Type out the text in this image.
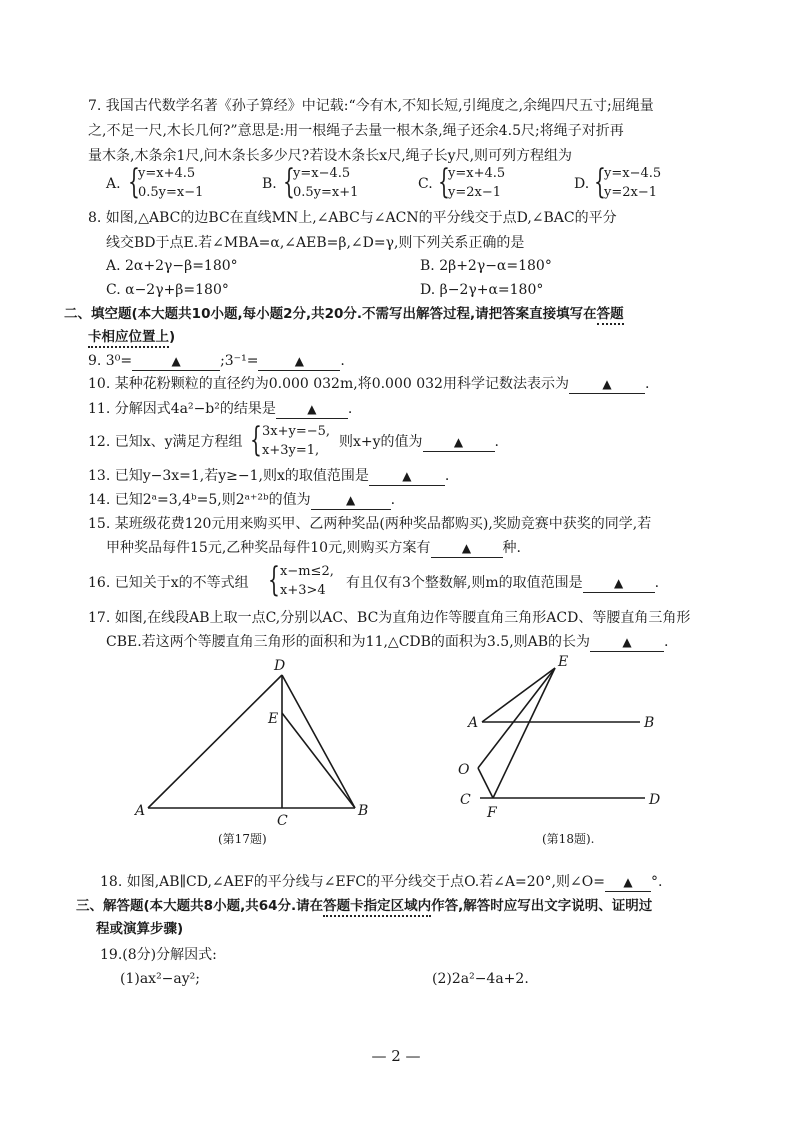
7. 我国古代数学名著《孙子算经》中记载:“今有木,不知长短,引绳度之,余绳四尺五寸;屈绳量
之,不足一尺,木长几何?”意思是:用一根绳子去量一根木条,绳子还余4.5尺;将绳子对折再
量木条,木条余1尺,问木条长多少尺?若设木条长x尺,绳子长y尺,则可列方程组为
A. {
y=x+4.5
0.5y=x−1
B. {
y=x−4.5
0.5y=x+1
C. {
y=x+4.5
y=2x−1
D. {
y=x−4.5
y=2x−1
8. 如图,△ABC的边BC在直线MN上,∠ABC与∠ACN的平分线交于点D,∠BAC的平分
线交BD于点E.若∠MBA=α,∠AEB=β,∠D=γ,则下列关系正确的是
A. 2α+2γ−β=180°	B. 2β+2γ−α=180°
C. α−2γ+β=180°	D. β−2γ+α=180°
二、填空题(本大题共10小题,每小题2分,共20分.不需写出解答过程,请把答案直接填写在答题
卡相应位置上)
9. 3⁰=	▲	;3⁻¹=	▲	.
10. 某种花粉颗粒的直径约为0.000 032m,将0.000 032用科学记数法表示为	▲ .
11. 分解因式4a²−b²的结果是	▲ .
12. 已知x、y满足方程组 { 3x+y=−5,
x+3y=1,
则x+y的值为	▲ .
13. 已知y−3x=1,若y≥−1,则x的取值范围是	▲ .
14. 已知2ᵃ=3,4ᵇ=5,则2ᵃ⁺²ᵇ的值为	▲	.
15. 某班级花费120元用来购买甲、乙两种奖品(两种奖品都购买),奖励竞赛中获奖的同学,若
甲种奖品每件15元,乙种奖品每件10元,则购买方案有	▲ 种.
16. 已知关于x的不等式组 { x−m≤2,
x+3>4 有且仅有3个整数解,则m的取值范围是	▲ .
17. 如图,在线段AB上取一点C,分别以AC、BC为直角边作等腰直角三角形ACD、等腰直角三角形
CBE.若这两个等腰直角三角形的面积和为11,△CDB的面积为3.5,则AB的长为	▲ .
D
E
A
C
B
(第17题)
E
A	B
O
C
F
D
(第18题).
18. 如图,AB∥CD,∠AEF的平分线与∠EFC的平分线交于点O.若∠A=20°,则∠O= ▲ °.
三、解答题(本大题共8小题,共64分.请在答题卡指定区域内作答,解答时应写出文字说明、证明过
程或演算步骤)
19.(8分)分解因式:
(1)ax²−ay²;	(2)2a²−4a+2.
— 2 —
